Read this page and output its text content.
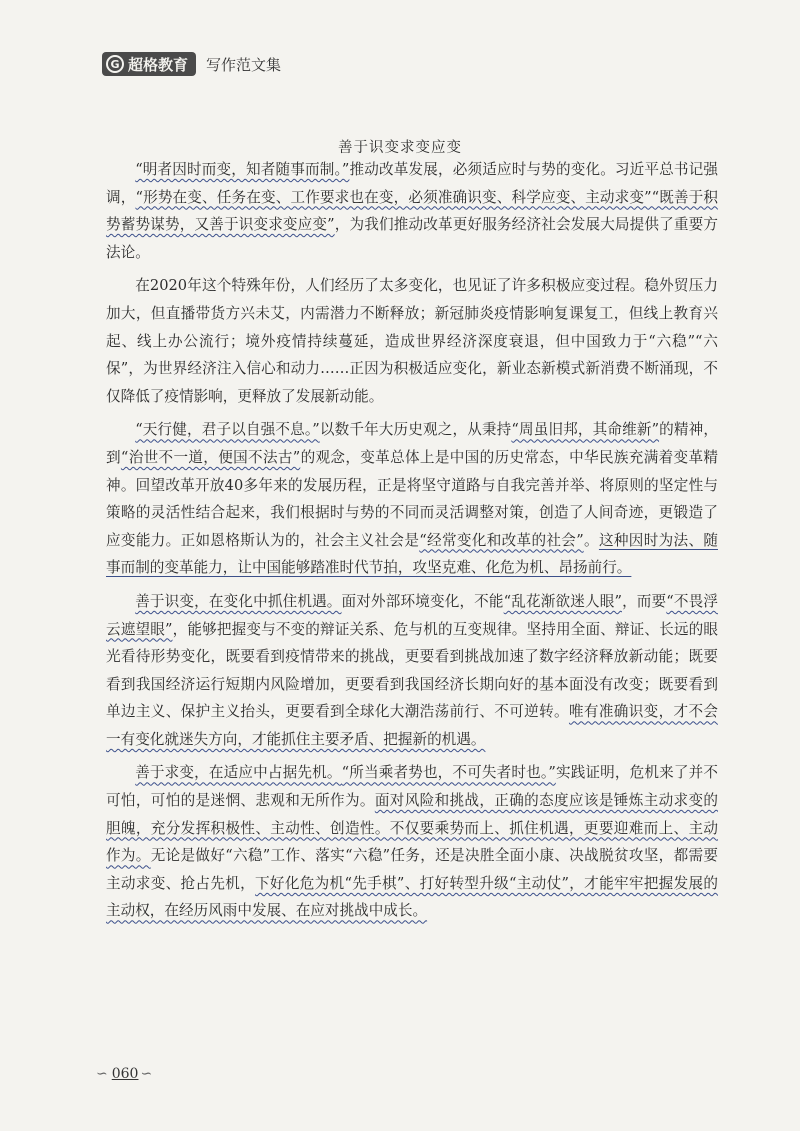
G 超格教育 写作范文集
善于识变求变应变

“明者因时而变，知者随事而制。”推动改革发展，必须适应时与势的变化。习近平总书记强调，“形势在变、任务在变、工作要求也在变，必须准确识变、科学应变、主动求变”“既善于积势蓄势谋势，又善于识变求变应变”，为我们推动改革更好服务经济社会发展大局提供了重要方法论。

在2020年这个特殊年份，人们经历了太多变化，也见证了许多积极应变过程。稳外贸压力加大，但直播带货方兴未艾，内需潜力不断释放；新冠肺炎疫情影响复课复工，但线上教育兴起、线上办公流行；境外疫情持续蔓延，造成世界经济深度衰退，但中国致力于“六稳”“六保”，为世界经济注入信心和动力……正因为积极适应变化，新业态新模式新消费不断涌现，不仅降低了疫情影响，更释放了发展新动能。

“天行健，君子以自强不息。”以数千年大历史观之，从秉持“周虽旧邦，其命维新”的精神，到“治世不一道，便国不法古”的观念，变革总体上是中国的历史常态，中华民族充满着变革精神。回望改革开放40多年来的发展历程，正是将坚守道路与自我完善并举、将原则的坚定性与策略的灵活性结合起来，我们根据时与势的不同而灵活调整对策，创造了人间奇迹，更锻造了应变能力。正如恩格斯认为的，社会主义社会是“经常变化和改革的社会”。这种因时为法、随事而制的变革能力，让中国能够踏准时代节拍，攻坚克难、化危为机、昂扬前行。

善于识变，在变化中抓住机遇。面对外部环境变化，不能“乱花渐欲迷人眼”，而要“不畏浮云遮望眼”，能够把握变与不变的辩证关系、危与机的互变规律。坚持用全面、辩证、长远的眼光看待形势变化，既要看到疫情带来的挑战，更要看到挑战加速了数字经济释放新动能；既要看到我国经济运行短期内风险增加，更要看到我国经济长期向好的基本面没有改变；既要看到单边主义、保护主义抬头，更要看到全球化大潮浩荡前行、不可逆转。唯有准确识变，才不会一有变化就迷失方向，才能抓住主要矛盾、把握新的机遇。

善于求变，在适应中占据先机。“所当乘者势也，不可失者时也。”实践证明，危机来了并不可怕，可怕的是迷惘、悲观和无所作为。面对风险和挑战，正确的态度应该是锤炼主动求变的胆魄，充分发挥积极性、主动性、创造性。不仅要乘势而上、抓住机遇，更要迎难而上、主动作为。无论是做好“六稳”工作、落实“六稳”任务，还是决胜全面小康、决战脱贫攻坚，都需要主动求变、抢占先机，下好化危为机“先手棋”、打好转型升级“主动仗”，才能牢牢把握发展的主动权，在经历风雨中发展、在应对挑战中成长。

∽ 060 ∽
